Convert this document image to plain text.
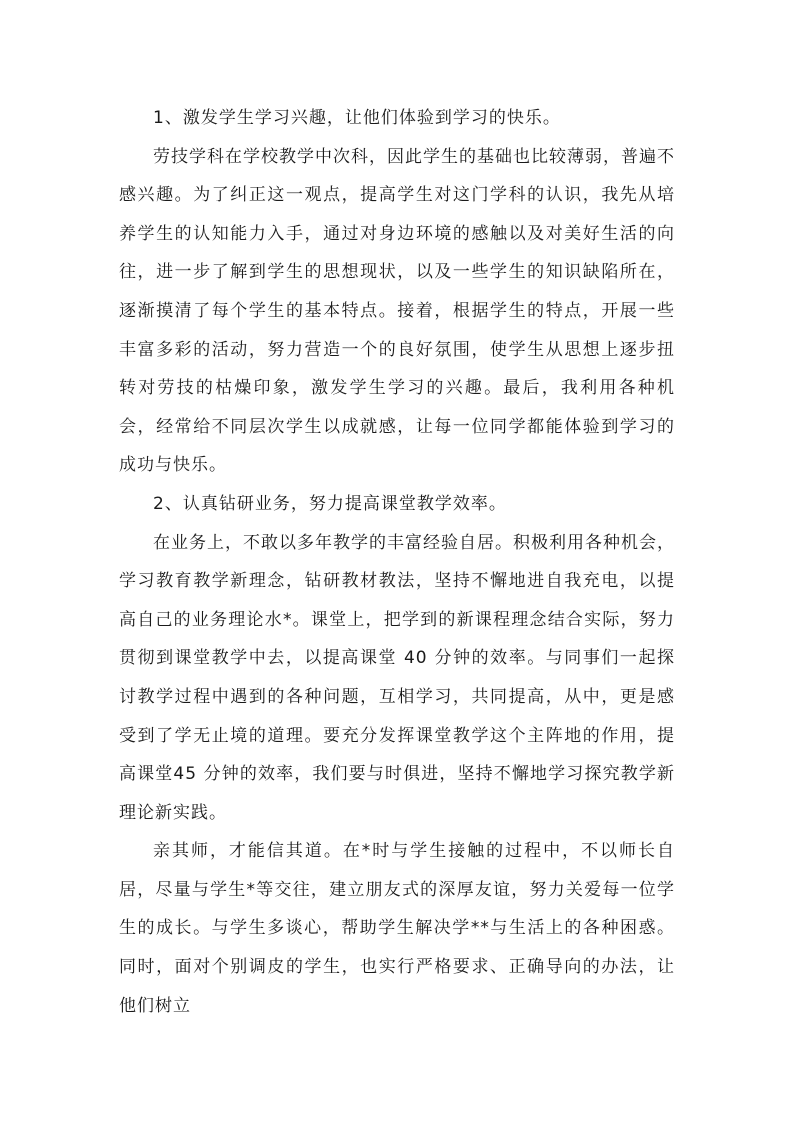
1、激发学生学习兴趣，让他们体验到学习的快乐。

劳技学科在学校教学中次科，因此学生的基础也比较薄弱，普遍不感兴趣。为了纠正这一观点，提高学生对这门学科的认识，我先从培养学生的认知能力入手，通过对身边环境的感触以及对美好生活的向往，进一步了解到学生的思想现状，以及一些学生的知识缺陷所在，逐渐摸清了每个学生的基本特点。接着，根据学生的特点，开展一些丰富多彩的活动，努力营造一个的良好氛围，使学生从思想上逐步扭转对劳技的枯燥印象，激发学生学习的兴趣。最后，我利用各种机会，经常给不同层次学生以成就感，让每一位同学都能体验到学习的成功与快乐。

2、认真钻研业务，努力提高课堂教学效率。

在业务上，不敢以多年教学的丰富经验自居。积极利用各种机会，学习教育教学新理念，钻研教材教法，坚持不懈地进自我充电，以提高自己的业务理论水*。课堂上，把学到的新课程理念结合实际，努力贯彻到课堂教学中去，以提高课堂 40 分钟的效率。与同事们一起探讨教学过程中遇到的各种问题，互相学习，共同提高，从中，更是感受到了学无止境的道理。要充分发挥课堂教学这个主阵地的作用，提高课堂45 分钟的效率，我们要与时俱进，坚持不懈地学习探究教学新理论新实践。

亲其师，才能信其道。在*时与学生接触的过程中，不以师长自居，尽量与学生*等交往，建立朋友式的深厚友谊，努力关爱每一位学生的成长。与学生多谈心，帮助学生解决学**与生活上的各种困惑。同时，面对个别调皮的学生，也实行严格要求、正确导向的办法，让他们树立
